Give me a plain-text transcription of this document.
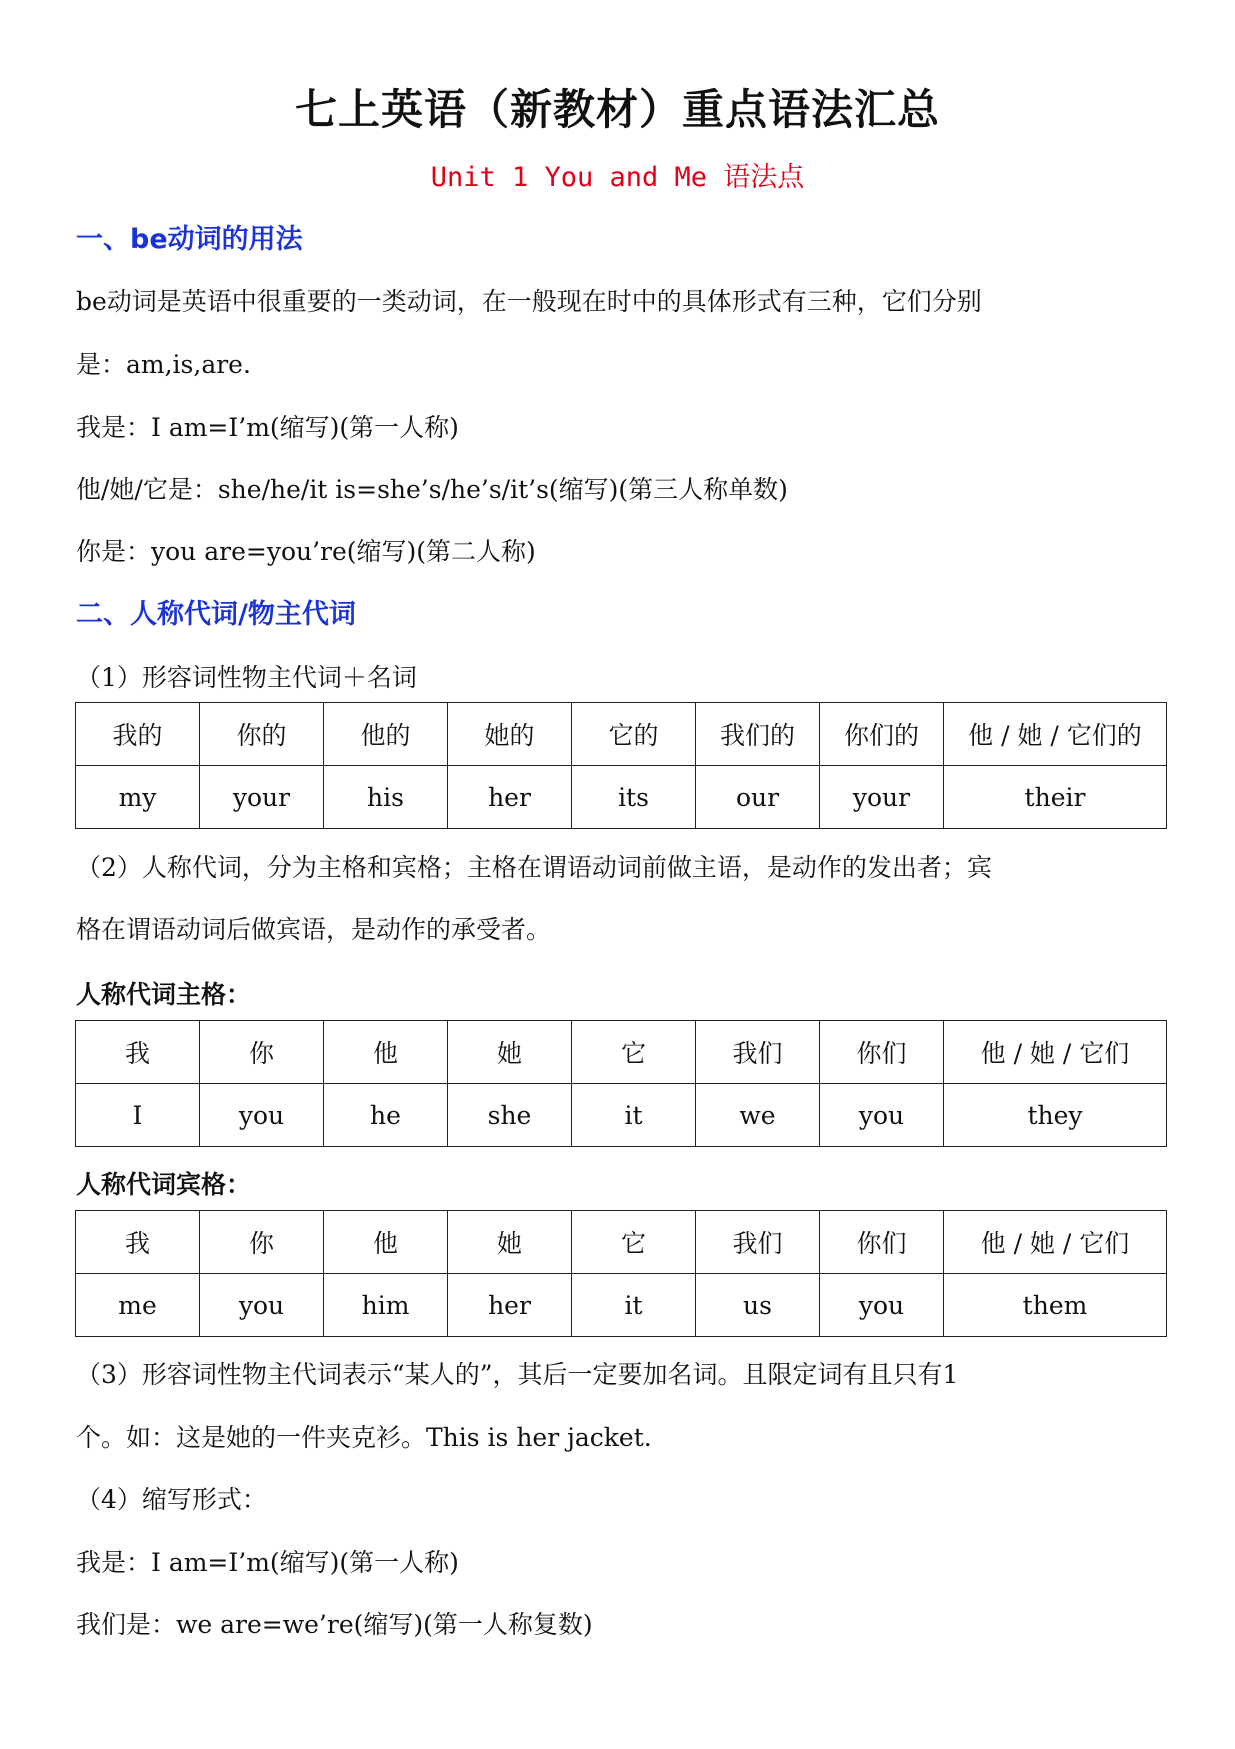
七上英语（新教材）重点语法汇总
Unit 1 You and Me 语法点
一、be动词的用法
be动词是英语中很重要的一类动词，在一般现在时中的具体形式有三种，它们分别
是：am,is,are.
我是：I am=I’m(缩写)(第一人称)
他/她/它是：she/he/it is=she’s/he’s/it’s(缩写)(第三人称单数)
你是：you are=you’re(缩写)(第二人称)
二、人称代词/物主代词
（1）形容词性物主代词＋名词
我的	你的	他的	她的	它的	我们的	你们的	他 / 她 / 它们的
my	your	his	her	its	our	your	their
（2）人称代词，分为主格和宾格；主格在谓语动词前做主语，是动作的发出者；宾
格在谓语动词后做宾语，是动作的承受者。
人称代词主格：
我	你	他	她	它	我们	你们	他 / 她 / 它们
I	you	he	she	it	we	you	they
人称代词宾格：
我	你	他	她	它	我们	你们	他 / 她 / 它们
me	you	him	her	it	us	you	them
（3）形容词性物主代词表示“某人的”，其后一定要加名词。且限定词有且只有1
个。如：这是她的一件夹克衫。This is her jacket.
（4）缩写形式：
我是：I am=I’m(缩写)(第一人称)
我们是：we are=we’re(缩写)(第一人称复数)
